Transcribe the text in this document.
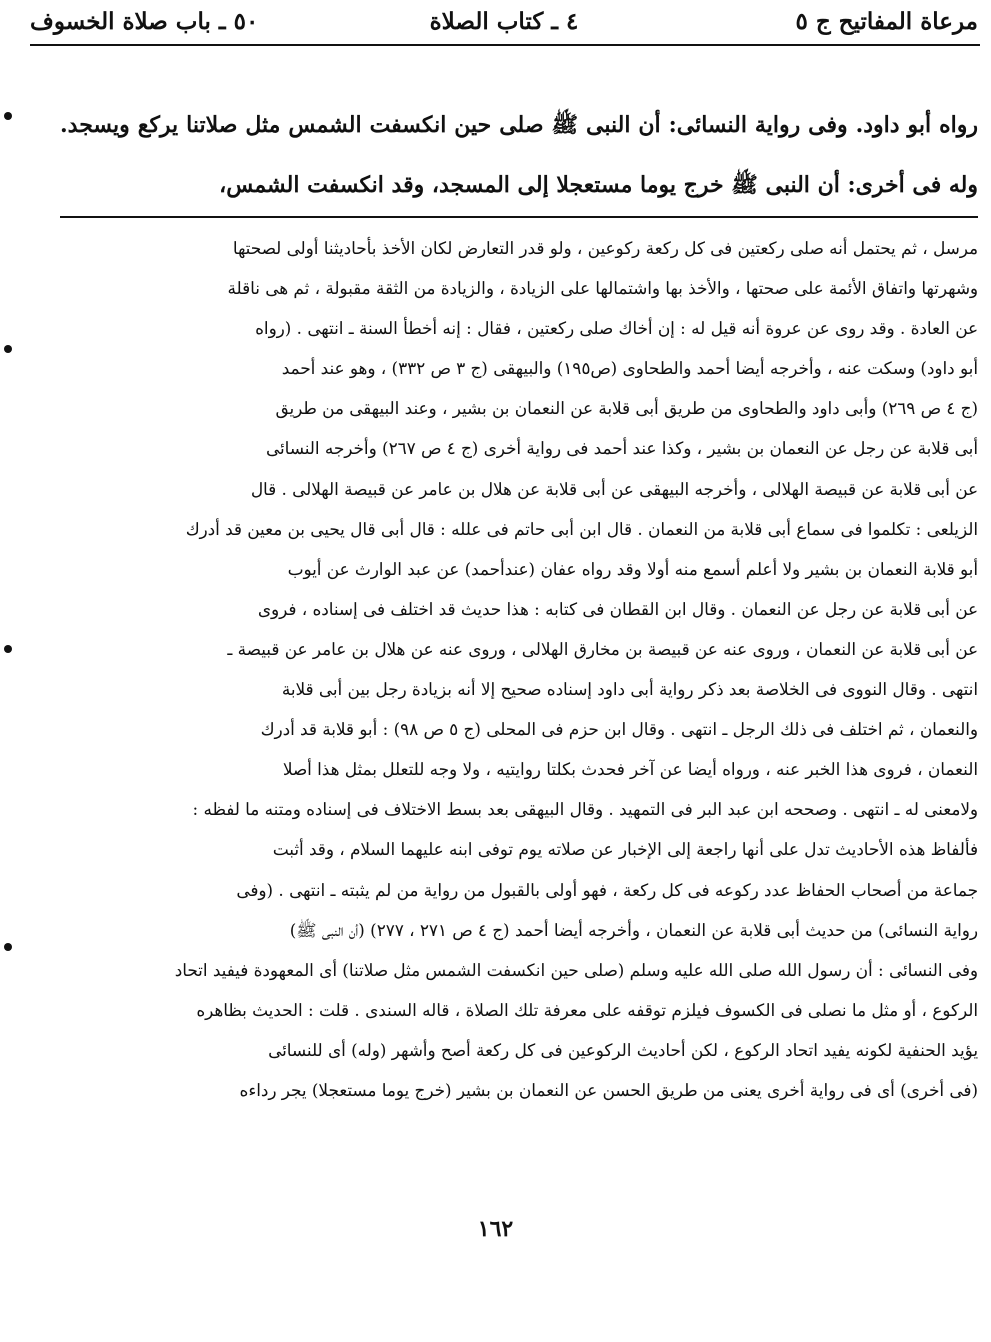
مرعاة المفاتيح ج ٥
٤ ـ كتاب الصلاة
٥٠ ـ باب صلاة الخسوف
رواه أبو داود. وفى رواية النسائى: أن النبى ﷺ صلى حين انكسفت الشمس مثل صلاتنا يركع ويسجد. وله فى أخرى: أن النبى ﷺ خرج يوما مستعجلا إلى المسجد، وقد انكسفت الشمس،
مرسل ، ثم يحتمل أنه صلى ركعتين فى كل ركعة ركوعين ، ولو قدر التعارض لكان الأخذ بأحاديثنا أولى لصحتها
وشهرتها واتفاق الأئمة على صحتها ، والأخذ بها واشتمالها على الزيادة ، والزيادة من الثقة مقبولة ، ثم هى ناقلة
عن العادة . وقد روى عن عروة أنه قيل له : إن أخاك صلى ركعتين ، فقال : إنه أخطأ السنة ـ انتهى . (رواه
أبو داود) وسكت عنه ، وأخرجه أيضا أحمد والطحاوى (ص١٩٥) والبيهقى (ج ٣ ص ٣٣٢) ، وهو عند أحمد
(ج ٤ ص ٢٦٩) وأبى داود والطحاوى من طريق أبى قلابة عن النعمان بن بشير ، وعند البيهقى من طريق
أبى قلابة عن رجل عن النعمان بن بشير ، وكذا عند أحمد فى رواية أخرى (ج ٤ ص ٢٦٧) وأخرجه النسائى
عن أبى قلابة عن قبيصة الهلالى ، وأخرجه البيهقى عن أبى قلابة عن هلال بن عامر عن قبيصة الهلالى . قال
الزيلعى : تكلموا فى سماع أبى قلابة من النعمان . قال ابن أبى حاتم فى علله : قال أبى قال يحيى بن معين قد أدرك
أبو قلابة النعمان بن بشير ولا أعلم أسمع منه أولا وقد رواه عفان (عندأحمد) عن عبد الوارث عن أيوب
عن أبى قلابة عن رجل عن النعمان . وقال ابن القطان فى كتابه : هذا حديث قد اختلف فى إسناده ، فروى
عن أبى قلابة عن النعمان ، وروى عنه عن قبيصة بن مخارق الهلالى ، وروى عنه عن هلال بن عامر عن قبيصة ـ
انتهى . وقال النووى فى الخلاصة بعد ذكر رواية أبى داود إسناده صحيح إلا أنه بزيادة رجل بين أبى قلابة
والنعمان ، ثم اختلف فى ذلك الرجل ـ انتهى . وقال ابن حزم فى المحلى (ج ٥ ص ٩٨) : أبو قلابة قد أدرك
النعمان ، فروى هذا الخبر عنه ، ورواه أيضا عن آخر فحدث بكلتا روايتيه ، ولا وجه للتعلل بمثل هذا أصلا
ولامعنى له ـ انتهى . وصححه ابن عبد البر فى التمهيد . وقال البيهقى بعد بسط الاختلاف فى إسناده ومتنه ما لفظه :
فألفاظ هذه الأحاديث تدل على أنها راجعة إلى الإخبار عن صلاته يوم توفى ابنه عليهما السلام ، وقد أثبت
جماعة من أصحاب الحفاظ عدد ركوعه فى كل ركعة ، فهو أولى بالقبول من رواية من لم يثبته ـ انتهى . (وفى
رواية النسائى) من حديث أبى قلابة عن النعمان ، وأخرجه أيضا أحمد (ج ٤ ص ٢٧١ ، ٢٧٧) (أن النبى ﷺ)
وفى النسائى : أن رسول الله صلى الله عليه وسلم (صلى حين انكسفت الشمس مثل صلاتنا) أى المعهودة فيفيد اتحاد
الركوع ، أو مثل ما نصلى فى الكسوف فيلزم توقفه على معرفة تلك الصلاة ، قاله السندى . قلت : الحديث بظاهره
يؤيد الحنفية لكونه يفيد اتحاد الركوع ، لكن أحاديث الركوعين فى كل ركعة أصح وأشهر (وله) أى للنسائى
(فى أخرى) أى فى رواية أخرى يعنى من طريق الحسن عن النعمان بن بشير (خرج يوما مستعجلا) يجر رداءه
١٦٢
